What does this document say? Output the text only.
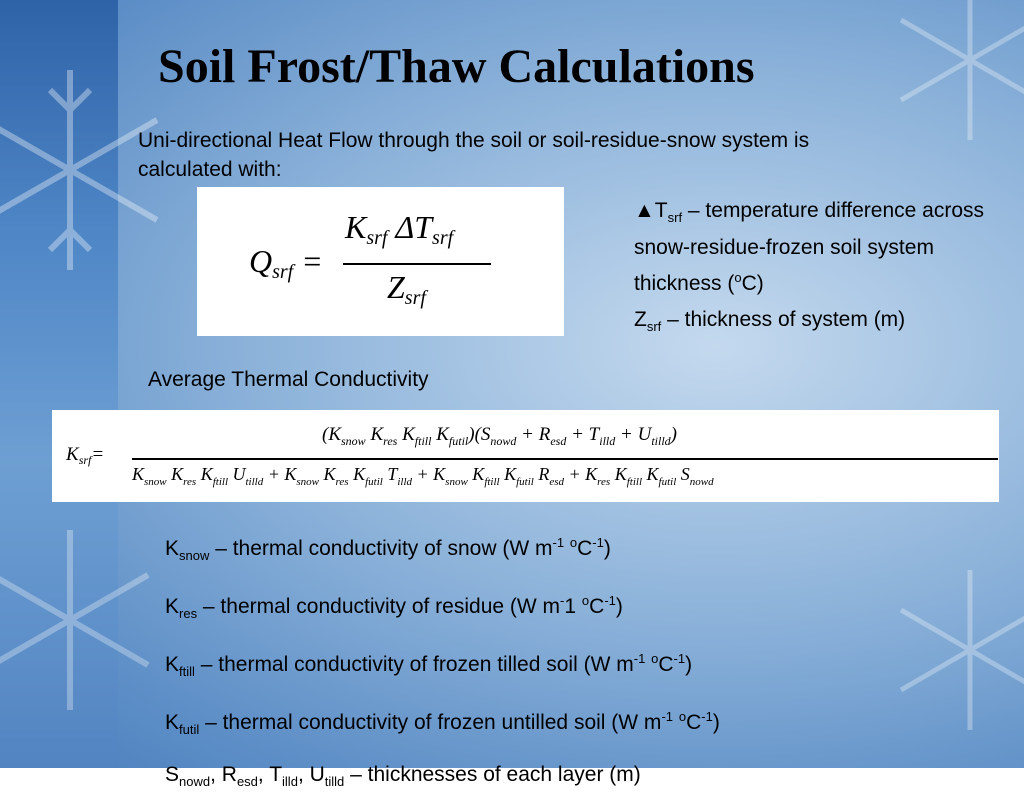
Soil Frost/Thaw Calculations
Uni-directional Heat Flow through the soil or soil-residue-snow system is calculated with:
$Q_{srf}$ =
$K_{srf}$ $\Delta T_{srf}$
$Z_{srf}$

$▲T_{srf}$ – temperature difference across snow-residue-frozen soil system thickness ($^o$C)

$Z_{srf}$ – thickness of system (m)

Average Thermal Conductivity
$K_{srf}=$
($K_{snow}$ $K_{res}$ $K_{ftill}$ $K_{futil})(S_{nowd} + R_{esd} + T_{illd} + U_{tilld})$
$K_{snow}$ $K_{res}$ $K_{ftill}$ $U_{tilld} + K_{snow}$ $K_{res}$ $K_{futil}$ $T_{illd} + K_{snow}$ $K_{ftill}$ $K_{futil}$ $R_{esd} + K_{res}$ $K_{ftill}$ $K_{futil}$ $S_{nowd}$

$K_{snow}$ – thermal conductivity of snow (W $m^{-1}$ $^oC^{-1}$)

$K_{res}$ – thermal conductivity of residue (W m-1 $^oC^{-1}$)

$K_{ftill}$ – thermal conductivity of frozen tilled soil (W $m^{-1}$ $^oC^{-1}$)

$K_{futil}$ – thermal conductivity of frozen untilled soil (W $m^{-1}$ $^oC^{-1}$)

$S_{nowd}$, $R_{esd}$, $T_{illd}$, $U_{tilld}$ – thicknesses of each layer (m)
